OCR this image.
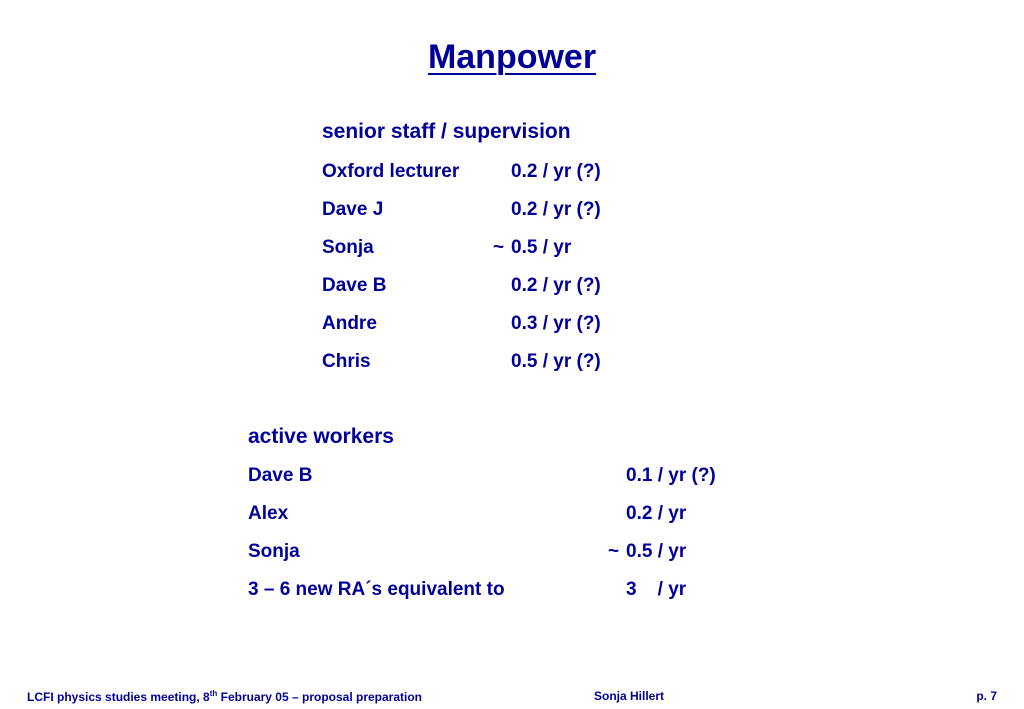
Manpower
senior staff / supervision
Oxford lecturer	0.2 / yr (?)
Dave J	0.2 / yr (?)
Sonja	~ 0.5 / yr
Dave B	0.2 / yr (?)
Andre	0.3 / yr (?)
Chris	0.5 / yr (?)
active workers
Dave B	0.1 / yr (?)
Alex	0.2 / yr
Sonja	~ 0.5 / yr
3 – 6 new RA´s equivalent to	3    / yr
LCFI physics studies meeting, 8th February 05 – proposal preparation	Sonja Hillert	p. 7
